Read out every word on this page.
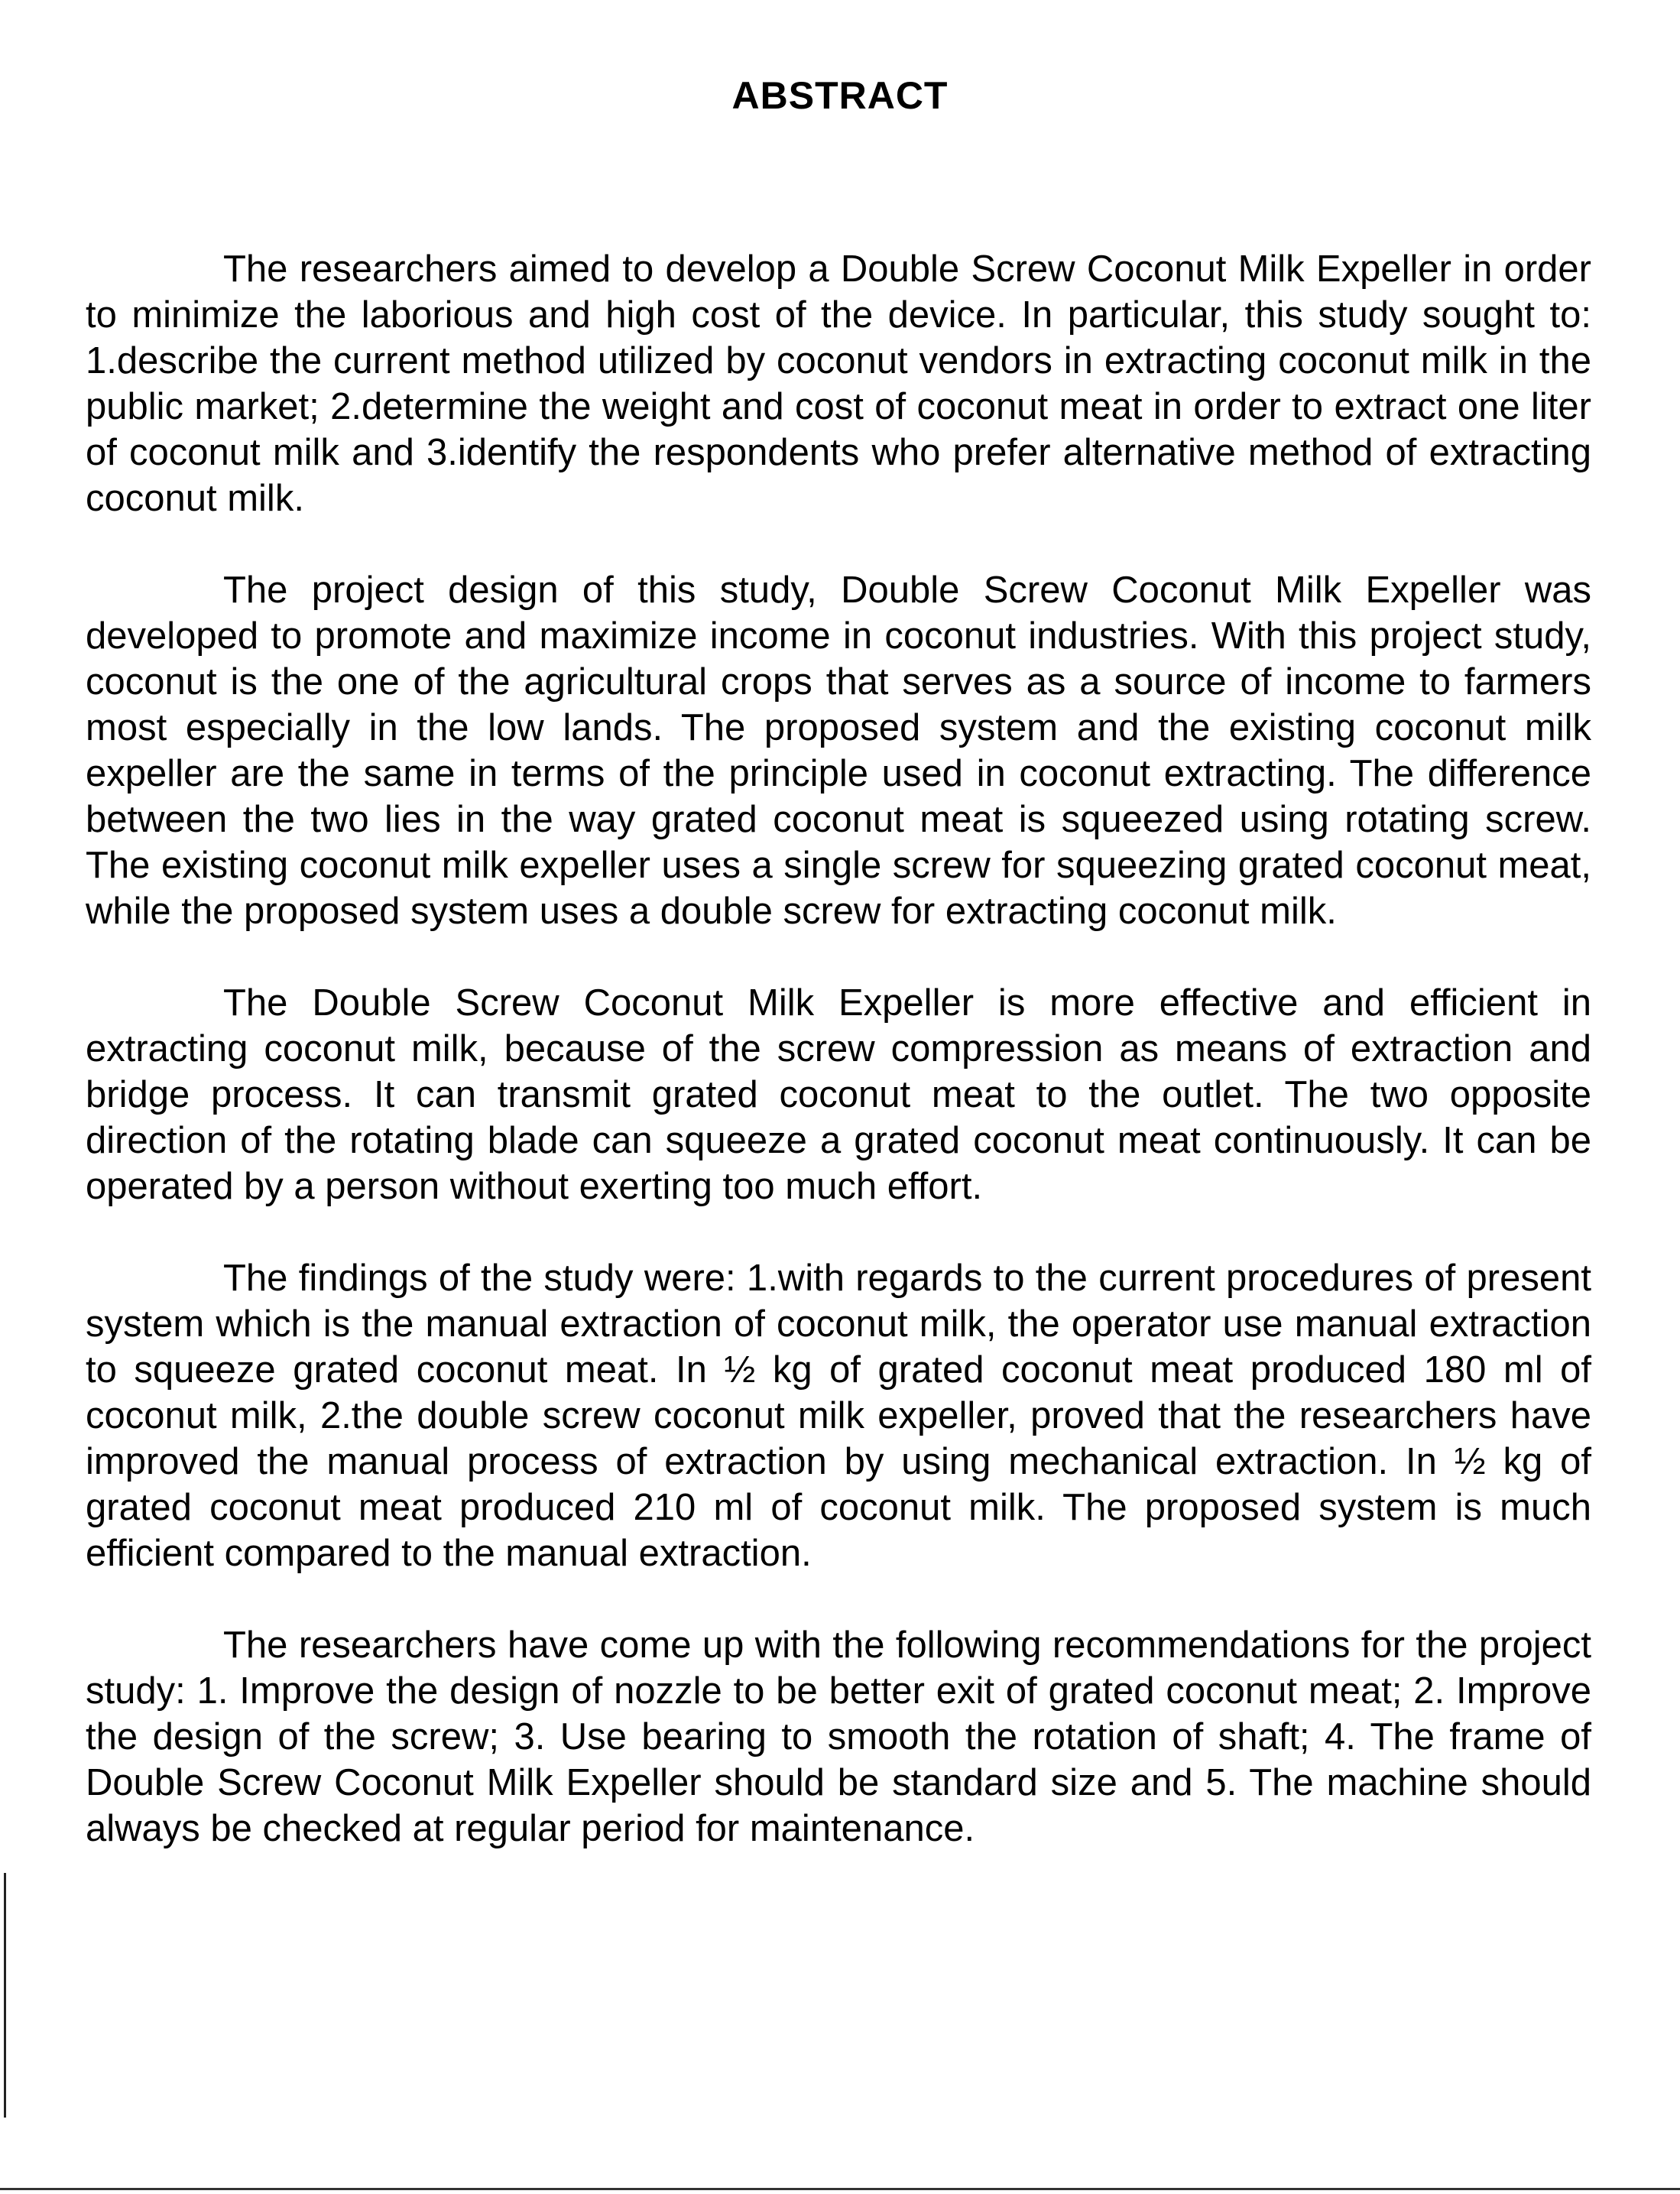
ABSTRACT

The researchers aimed to develop a Double Screw Coconut Milk Expeller in order to minimize the laborious and high cost of the device. In particular, this study sought to: 1.describe the current method utilized by coconut vendors in extracting coconut milk in the public market; 2.determine the weight and cost of coconut meat in order to extract one liter of coconut milk and 3.identify the respondents who prefer alternative method of extracting coconut milk.

The project design of this study, Double Screw Coconut Milk Expeller was developed to promote and maximize income in coconut industries. With this project study, coconut is the one of the agricultural crops that serves as a source of income to farmers most especially in the low lands. The proposed system and the existing coconut milk expeller are the same in terms of the principle used in coconut extracting. The difference between the two lies in the way grated coconut meat is squeezed using rotating screw. The existing coconut milk expeller uses a single screw for squeezing grated coconut meat, while the proposed system uses a double screw for extracting coconut milk.

The Double Screw Coconut Milk Expeller is more effective and efficient in extracting coconut milk, because of the screw compression as means of extraction and bridge process. It can transmit grated coconut meat to the outlet. The two opposite direction of the rotating blade can squeeze a grated coconut meat continuously. It can be operated by a person without exerting too much effort.

The findings of the study were: 1.with regards to the current procedures of present system which is the manual extraction of coconut milk, the operator use manual extraction to squeeze grated coconut meat. In ½ kg of grated coconut meat produced 180 ml of coconut milk, 2.the double screw coconut milk expeller, proved that the researchers have improved the manual process of extraction by using mechanical extraction. In ½ kg of grated coconut meat produced 210 ml of coconut milk. The proposed system is much efficient compared to the manual extraction.

The researchers have come up with the following recommendations for the project study: 1. Improve the design of nozzle to be better exit of grated coconut meat; 2. Improve the design of the screw; 3. Use bearing to smooth the rotation of shaft; 4. The frame of Double Screw Coconut Milk Expeller should be standard size and 5. The machine should always be checked at regular period for maintenance.
